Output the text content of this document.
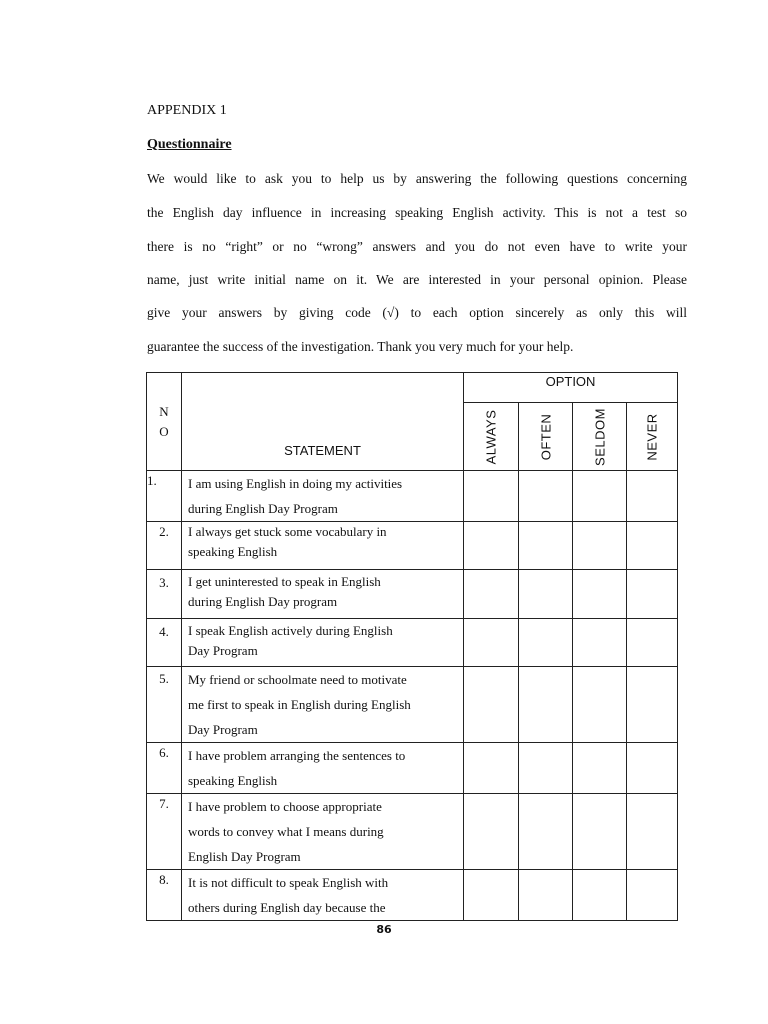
APPENDIX 1
Questionnaire
We would like to ask you to help us by answering the following questions concerning
the English day influence in increasing speaking English activity. This is not a test so
there is no “right” or no “wrong” answers and you do not even have to write your
name, just write initial name on it. We are interested in your personal opinion. Please
give your answers by giving code (√) to each option sincerely as only this will
guarantee the success of the investigation. Thank you very much for your help.
N
O	STATEMENT	OPTION			

		ALWAYS	OFTEN	SELDOM	NEVER

1.	I am using English in doing my activities
during English Day Program				

2.	I always get stuck some vocabulary in
speaking English				

3.	I get uninterested to speak in English
during English Day program				

4.	I speak English actively during English
Day Program				

5.	My friend or schoolmate need to motivate
me first to speak in English during English
Day Program				

6.	I have problem arranging the sentences to
speaking English				

7.	I have problem to choose appropriate
words to convey what I means during
English Day Program				

8.	It is not difficult to speak English with
others during English day because the				

86
